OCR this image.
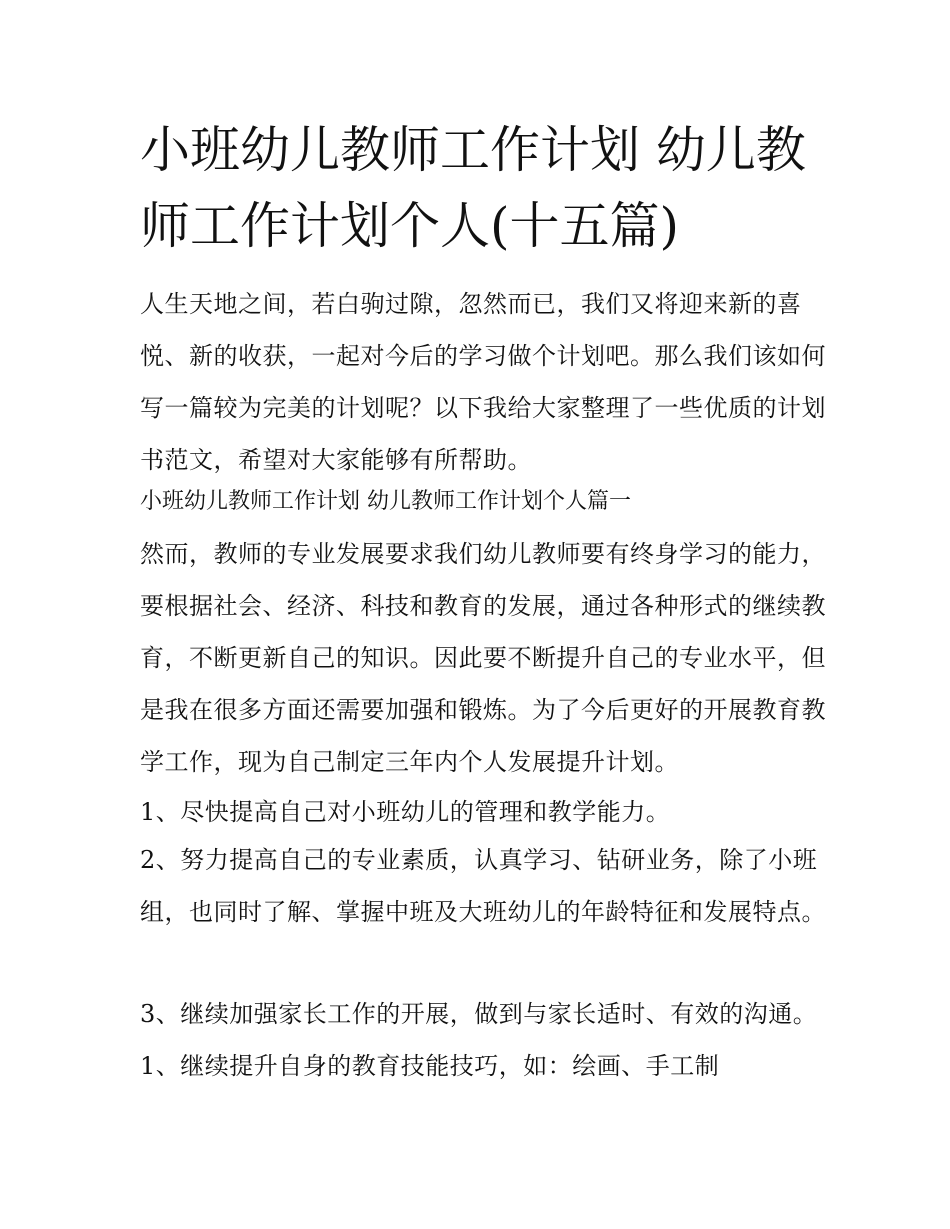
小班幼儿教师工作计划 幼儿教师工作计划个人(十五篇)

人生天地之间，若白驹过隙，忽然而已，我们又将迎来新的喜悦、新的收获，一起对今后的学习做个计划吧。那么我们该如何写一篇较为完美的计划呢？以下我给大家整理了一些优质的计划书范文，希望对大家能够有所帮助。

小班幼儿教师工作计划 幼儿教师工作计划个人篇一

然而，教师的专业发展要求我们幼儿教师要有终身学习的能力，要根据社会、经济、科技和教育的发展，通过各种形式的继续教育，不断更新自己的知识。因此要不断提升自己的专业水平，但是我在很多方面还需要加强和锻炼。为了今后更好的开展教育教学工作，现为自己制定三年内个人发展提升计划。

1、尽快提高自己对小班幼儿的管理和教学能力。

2、努力提高自己的专业素质，认真学习、钻研业务，除了小班组，也同时了解、掌握中班及大班幼儿的年龄特征和发展特点。

3、继续加强家长工作的开展，做到与家长适时、有效的沟通。 1、继续提升自身的教育技能技巧，如：绘画、手工制
